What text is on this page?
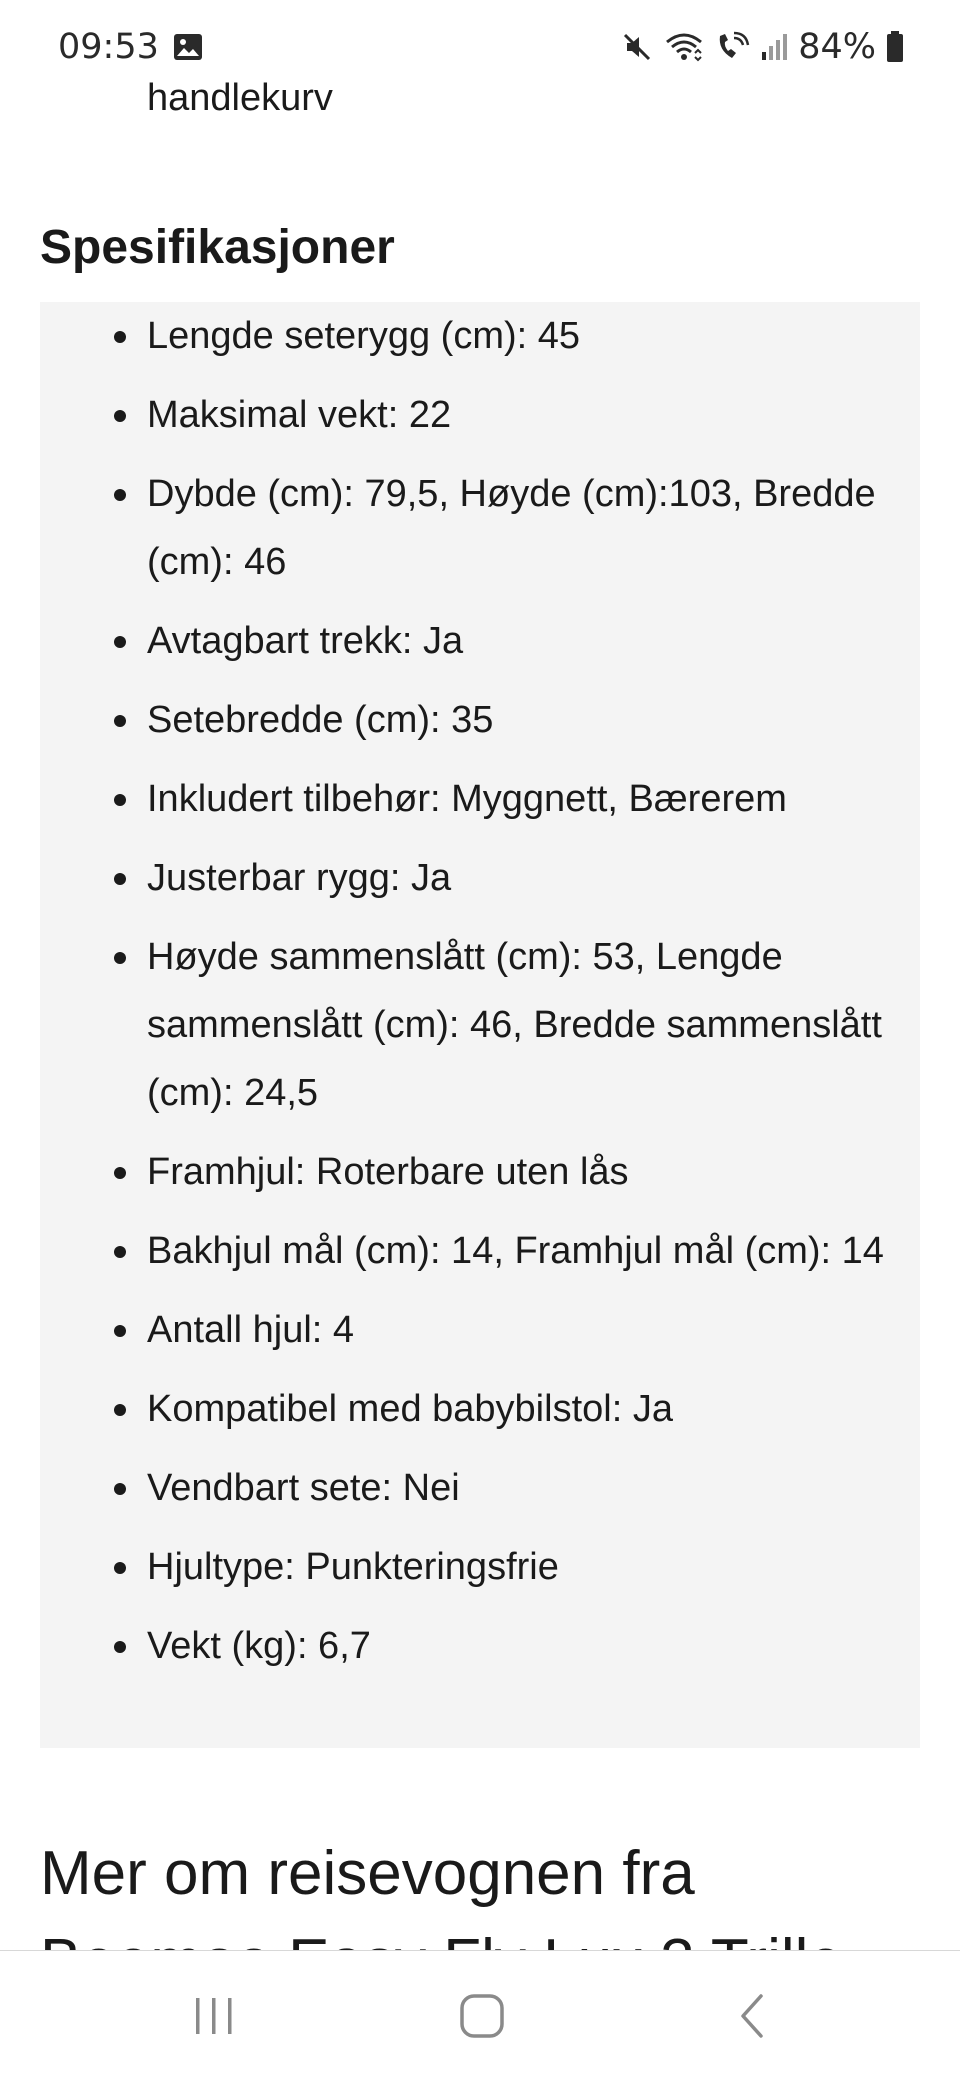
handlekurv
Spesifikasjoner
Lengde seterygg (cm): 45
Maksimal vekt: 22
Dybde (cm): 79,5, Høyde (cm):103, Bredde (cm): 46
Avtagbart trekk: Ja
Setebredde (cm): 35
Inkludert tilbehør: Myggnett, Bærerem
Justerbar rygg: Ja
Høyde sammenslått (cm): 53, Lengde sammenslått (cm): 46, Bredde sammenslått (cm): 24,5
Framhjul: Roterbare uten lås
Bakhjul mål (cm): 14, Framhjul mål (cm): 14
Antall hjul: 4
Kompatibel med babybilstol: Ja
Vendbart sete: Nei
Hjultype: Punkteringsfrie
Vekt (kg): 6,7
Mer om reisevognen fra
09:53	84%
